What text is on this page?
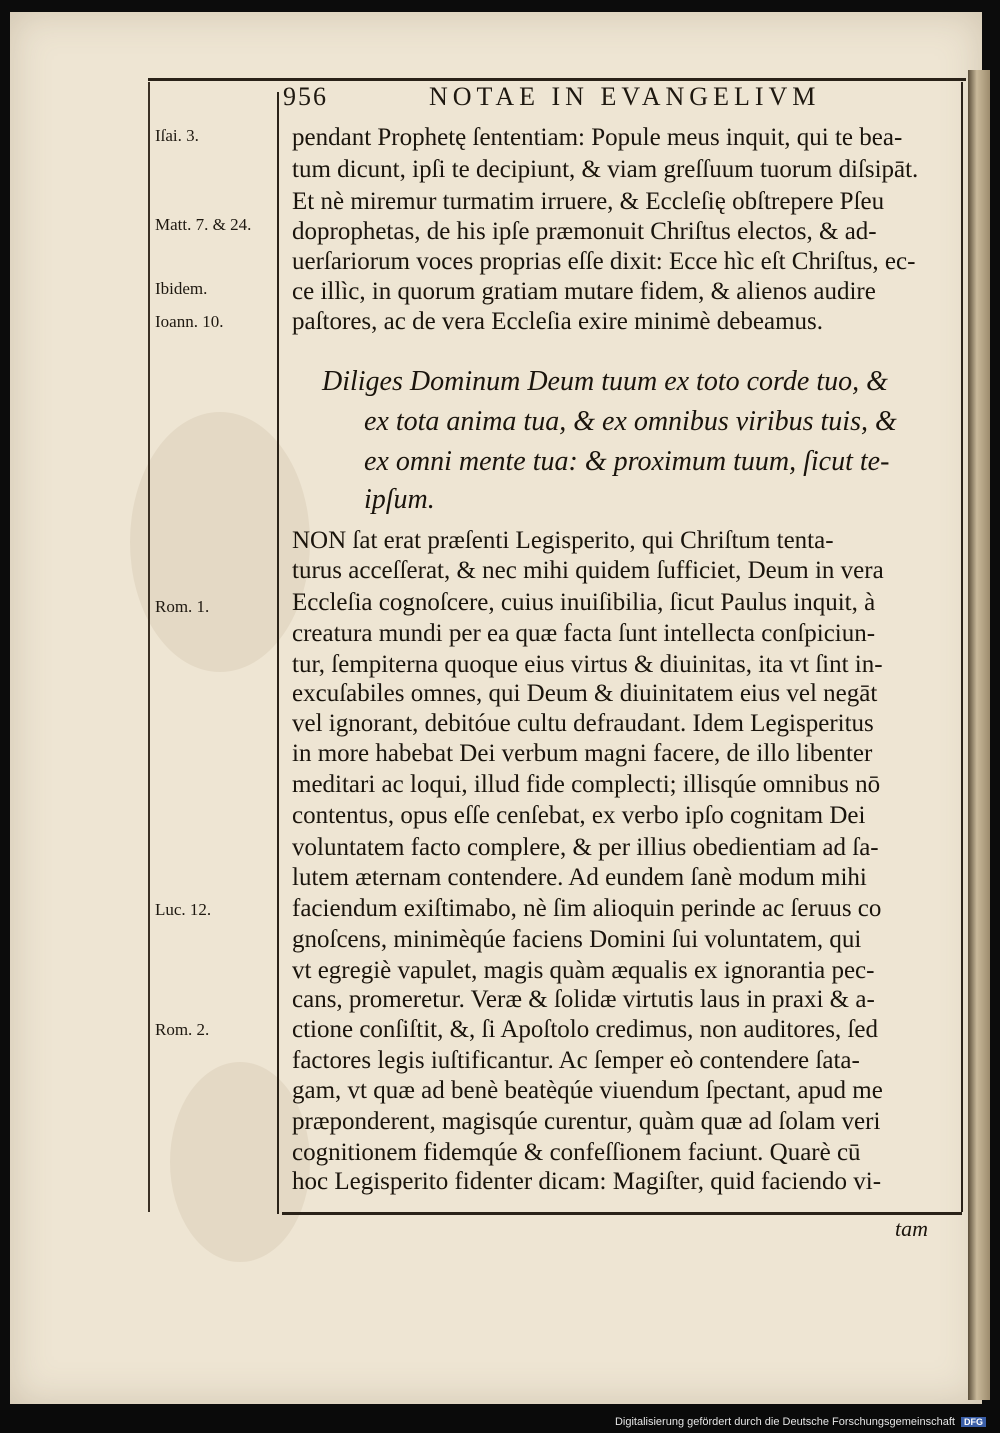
956	NOTAE IN EVANGELIVM
Iſai. 3.
Matt. 7. & 24.
Ibidem.
Ioann. 10.
Rom. 1.
Luc. 12.
Rom. 2.
pendant Prophetę ſententiam: Popule meus inquit, qui te bea-
tum dicunt, ipſi te decipiunt, & viam greſſuum tuorum diſsipāt.
Et nè miremur turmatim irruere, & Eccleſię obſtrepere Pſeu
doprophetas, de his ipſe præmonuit Chriſtus electos, & ad-
uerſariorum voces proprias eſſe dixit: Ecce hìc eſt Chriſtus, ec-
ce illìc, in quorum gratiam mutare fidem, & alienos audire
paſtores, ac de vera Eccleſia exire minimè debeamus.
Diliges Dominum Deum tuum ex toto corde tuo, &
ex tota anima tua, & ex omnibus viribus tuis, &
ex omni mente tua: & proximum tuum, ſicut te-
ipſum.
NON ſat erat præſenti Legisperito, qui Chriſtum tenta-
turus acceſſerat, & nec mihi quidem ſufficiet, Deum in vera
Eccleſia cognoſcere, cuius inuiſibilia, ſicut Paulus inquit, à
creatura mundi per ea quæ facta ſunt intellecta conſpiciun-
tur, ſempiterna quoque eius virtus & diuinitas, ita vt ſint in-
excuſabiles omnes, qui Deum & diuinitatem eius vel negāt
vel ignorant, debitóue cultu defraudant. Idem Legisperitus
in more habebat Dei verbum magni facere, de illo libenter
meditari ac loqui, illud fide complecti; illisqúe omnibus nō
contentus, opus eſſe cenſebat, ex verbo ipſo cognitam Dei
voluntatem facto complere, & per illius obedientiam ad ſa-
lutem æternam contendere. Ad eundem ſanè modum mihi
faciendum exiſtimabo, nè ſim alioquin perinde ac ſeruus co
gnoſcens, minimèqúe faciens Domini ſui voluntatem, qui
vt egregiè vapulet, magis quàm æqualis ex ignorantia pec-
cans, promeretur. Veræ & ſolidæ virtutis laus in praxi & a-
ctione conſiſtit, &, ſi Apoſtolo credimus, non auditores, ſed
factores legis iuſtificantur. Ac ſemper eò contendere ſata-
gam, vt quæ ad benè beatèqúe viuendum ſpectant, apud me
præponderent, magisqúe curentur, quàm quæ ad ſolam veri
cognitionem fidemqúe & confeſſionem faciunt. Quarè cū
hoc Legisperito fidenter dicam: Magiſter, quid faciendo vi-
tam
Digitalisierung gefördert durch die Deutsche Forschungsgemeinschaft DFG
